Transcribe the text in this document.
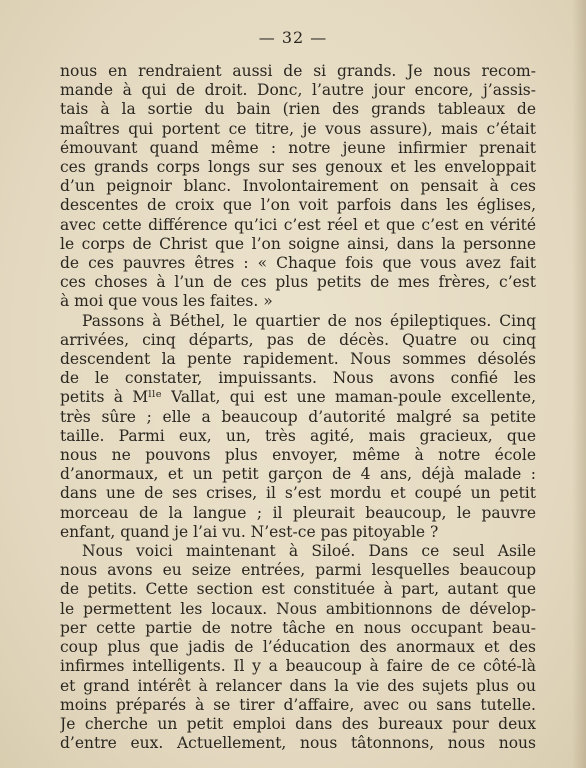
— 32 —
nous en rendraient aussi de si grands. Je nous recom-
mande à qui de droit. Donc, l’autre jour encore, j’assis-
tais à la sortie du bain (rien des grands tableaux de
maîtres qui portent ce titre, je vous assure), mais c’était
émouvant quand même : notre jeune infirmier prenait
ces grands corps longs sur ses genoux et les enveloppait
d’un peignoir blanc. Involontairement on pensait à ces
descentes de croix que l’on voit parfois dans les églises,
avec cette différence qu’ici c’est réel et que c’est en vérité
le corps de Christ que l’on soigne ainsi, dans la personne
de ces pauvres êtres : « Chaque fois que vous avez fait
ces choses à l’un de ces plus petits de mes frères, c’est
à moi que vous les faites. »
Passons à Béthel, le quartier de nos épileptiques. Cinq
arrivées, cinq départs, pas de décès. Quatre ou cinq
descendent la pente rapidement. Nous sommes désolés
de le constater, impuissants. Nous avons confié les
petits à Mˡˡᵉ Vallat, qui est une maman-poule excellente,
très sûre ; elle a beaucoup d’autorité malgré sa petite
taille. Parmi eux, un, très agité, mais gracieux, que
nous ne pouvons plus envoyer, même à notre école
d’anormaux, et un petit garçon de 4 ans, déjà malade :
dans une de ses crises, il s’est mordu et coupé un petit
morceau de la langue ; il pleurait beaucoup, le pauvre
enfant, quand je l’ai vu. N’est-ce pas pitoyable ?
Nous voici maintenant à Siloé. Dans ce seul Asile
nous avons eu seize entrées, parmi lesquelles beaucoup
de petits. Cette section est constituée à part, autant que
le permettent les locaux. Nous ambitionnons de dévelop-
per cette partie de notre tâche en nous occupant beau-
coup plus que jadis de l’éducation des anormaux et des
infirmes intelligents. Il y a beaucoup à faire de ce côté-là
et grand intérêt à relancer dans la vie des sujets plus ou
moins préparés à se tirer d’affaire, avec ou sans tutelle.
Je cherche un petit emploi dans des bureaux pour deux
d’entre eux. Actuellement, nous tâtonnons, nous nous
